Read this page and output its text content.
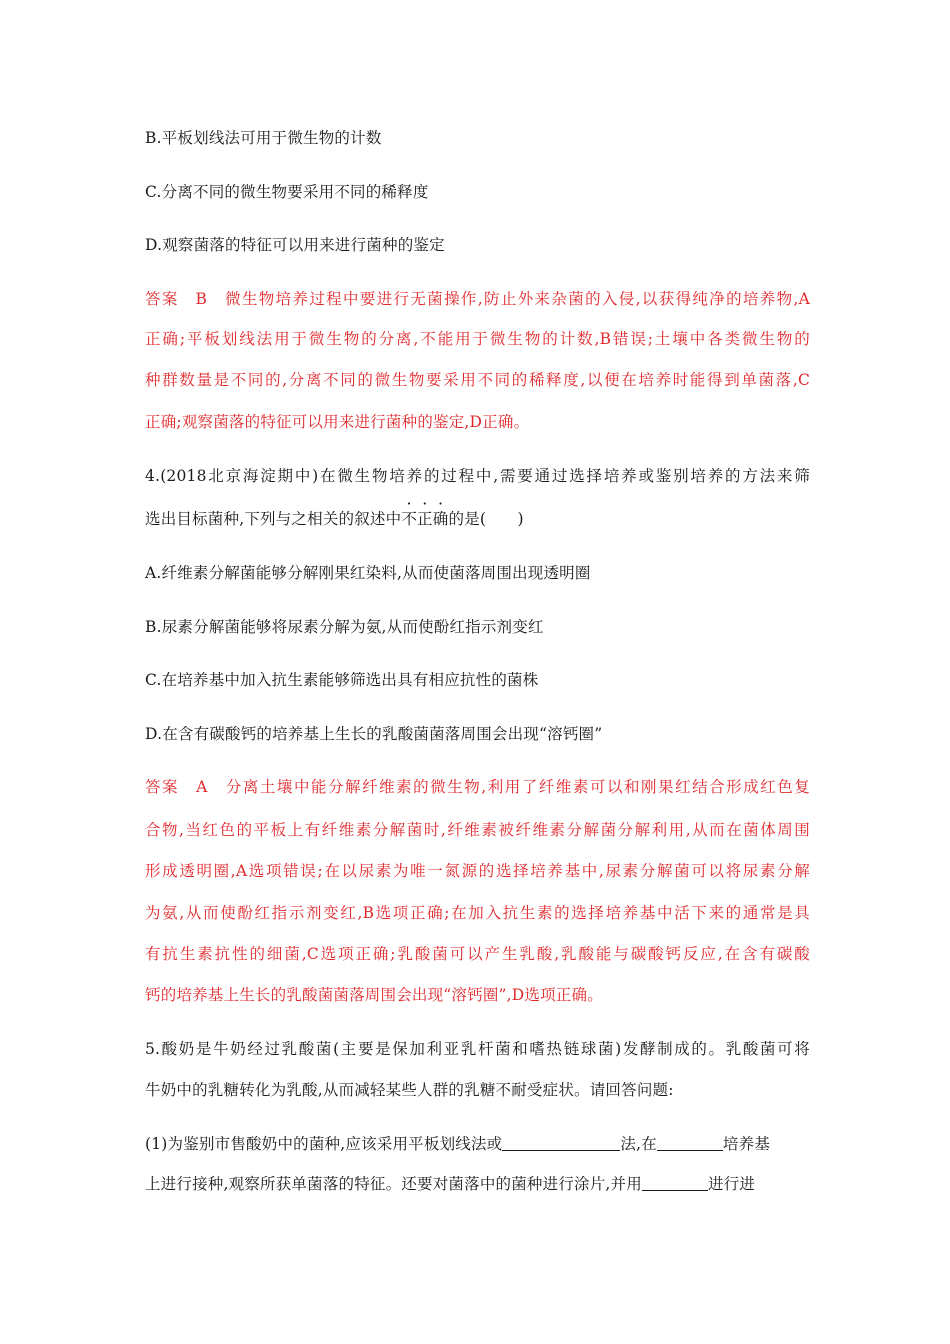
B.平板划线法可用于微生物的计数
C.分离不同的微生物要采用不同的稀释度
D.观察菌落的特征可以用来进行菌种的鉴定
答案　B　微生物培养过程中要进行无菌操作,防止外来杂菌的入侵,以获得纯净的培养物,A
正确;平板划线法用于微生物的分离,不能用于微生物的计数,B错误;土壤中各类微生物的
种群数量是不同的,分离不同的微生物要采用不同的稀释度,以便在培养时能得到单菌落,C
正确;观察菌落的特征可以用来进行菌种的鉴定,D正确。
4.(2018北京海淀期中)在微生物培养的过程中,需要通过选择培养或鉴别培养的方法来筛
选出目标菌种,下列与之相关的叙述中不正确的是(　　)
A.纤维素分解菌能够分解刚果红染料,从而使菌落周围出现透明圈
B.尿素分解菌能够将尿素分解为氨,从而使酚红指示剂变红
C.在培养基中加入抗生素能够筛选出具有相应抗性的菌株
D.在含有碳酸钙的培养基上生长的乳酸菌菌落周围会出现“溶钙圈”
答案　A　分离土壤中能分解纤维素的微生物,利用了纤维素可以和刚果红结合形成红色复
合物,当红色的平板上有纤维素分解菌时,纤维素被纤维素分解菌分解利用,从而在菌体周围
形成透明圈,A选项错误;在以尿素为唯一氮源的选择培养基中,尿素分解菌可以将尿素分解
为氨,从而使酚红指示剂变红,B选项正确;在加入抗生素的选择培养基中活下来的通常是具
有抗生素抗性的细菌,C选项正确;乳酸菌可以产生乳酸,乳酸能与碳酸钙反应,在含有碳酸
钙的培养基上生长的乳酸菌菌落周围会出现“溶钙圈”,D选项正确。
5.酸奶是牛奶经过乳酸菌(主要是保加利亚乳杆菌和嗜热链球菌)发酵制成的。乳酸菌可将
牛奶中的乳糖转化为乳酸,从而减轻某些人群的乳糖不耐受症状。请回答问题:
(1)为鉴别市售酸奶中的菌种,应该采用平板划线法或	法,在	培养基
上进行接种,观察所获单菌落的特征。还要对菌落中的菌种进行涂片,并用	进行进
